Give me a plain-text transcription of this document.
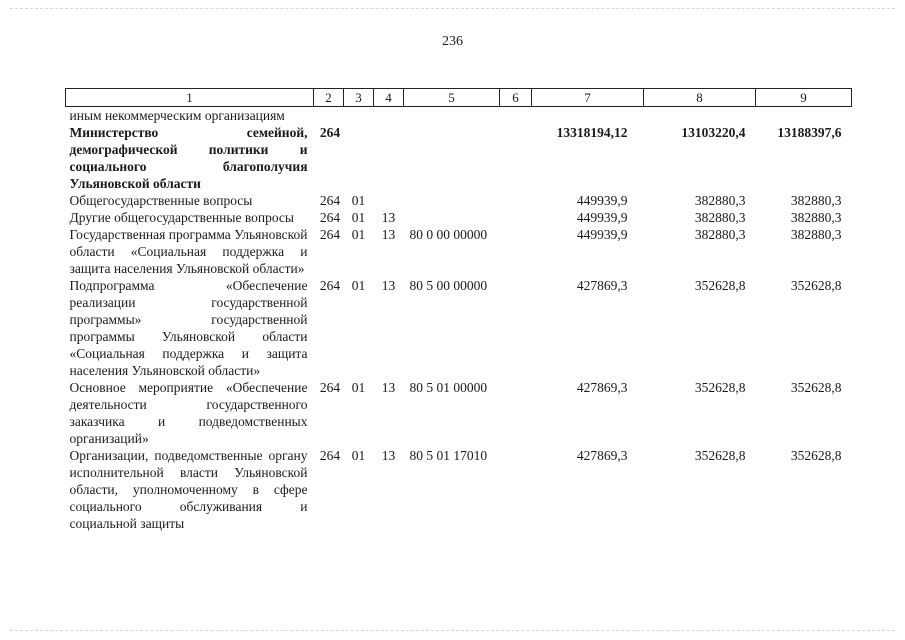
236
1	2	3	4	5	6	7	8	9
иным некоммерческим организациям								
Министерство семейной, демографической политики и социального благополучия Ульяновской области	264					13318194,12	13103220,4	13188397,6
Общегосударственные вопросы	264	01				449939,9	382880,3	382880,3
Другие общегосударственные вопросы	264	01	13			449939,9	382880,3	382880,3
Государственная программа Ульяновской области «Социальная поддержка и защита населения Ульяновской области»	264	01	13	80 0 00 00000		449939,9	382880,3	382880,3
Подпрограмма «Обеспечение реализации государственной программы» государственной программы Ульяновской области «Социальная поддержка и защита населения Ульяновской области»	264	01	13	80 5 00 00000		427869,3	352628,8	352628,8
Основное мероприятие «Обеспечение деятельности государственного заказчика и подведомственных организаций»	264	01	13	80 5 01 00000		427869,3	352628,8	352628,8
Организации, подведомственные органу исполнительной власти Ульяновской области, уполномоченному в сфере социального обслуживания и социальной защиты	264	01	13	80 5 01 17010		427869,3	352628,8	352628,8
